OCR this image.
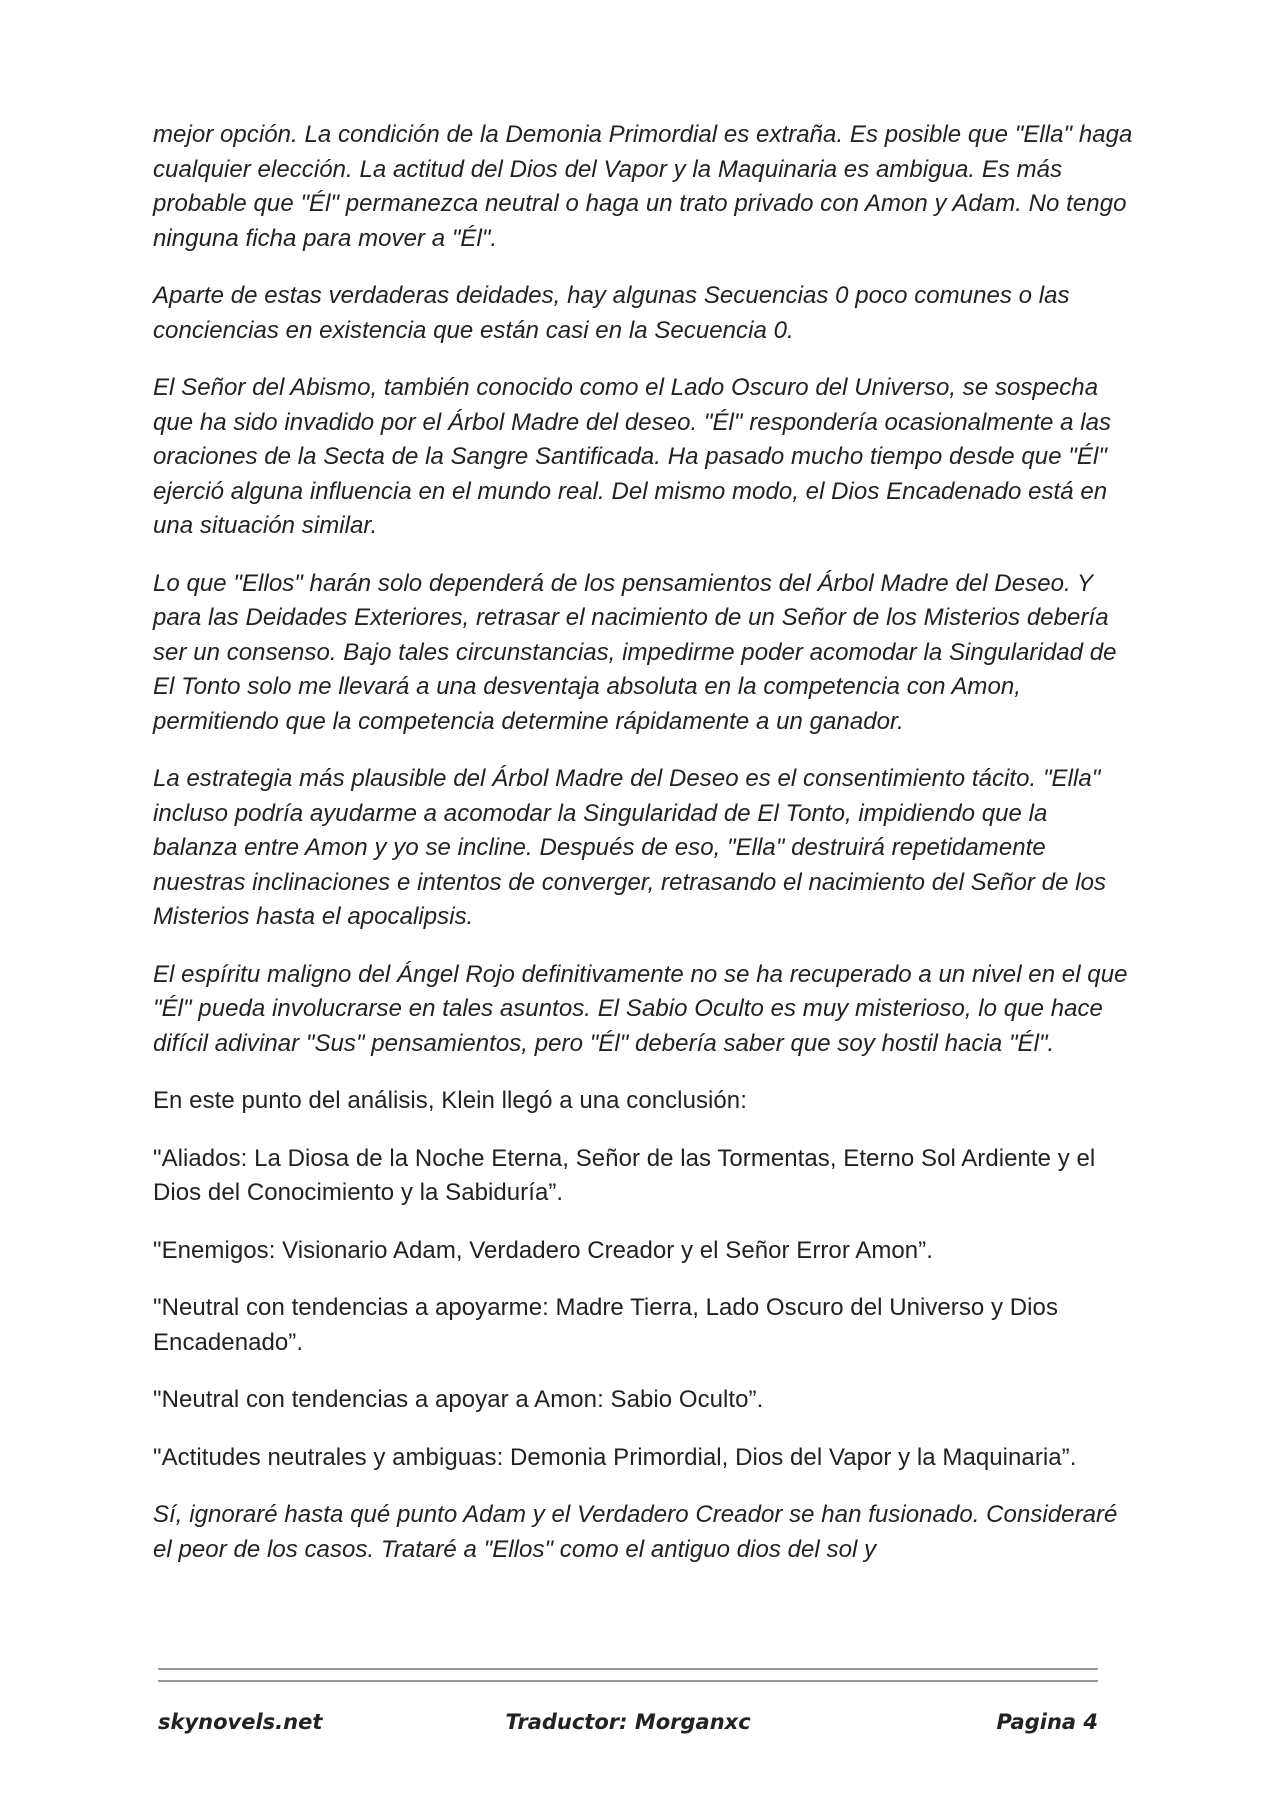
mejor opción. La condición de la Demonia Primordial es extraña. Es posible que "Ella" haga cualquier elección. La actitud del Dios del Vapor y la Maquinaria es ambigua. Es más probable que "Él" permanezca neutral o haga un trato privado con Amon y Adam. No tengo ninguna ficha para mover a "Él".

Aparte de estas verdaderas deidades, hay algunas Secuencias 0 poco comunes o las conciencias en existencia que están casi en la Secuencia 0.

El Señor del Abismo, también conocido como el Lado Oscuro del Universo, se sospecha que ha sido invadido por el Árbol Madre del deseo. "Él" respondería ocasionalmente a las oraciones de la Secta de la Sangre Santificada. Ha pasado mucho tiempo desde que "Él" ejerció alguna influencia en el mundo real. Del mismo modo, el Dios Encadenado está en una situación similar.

Lo que "Ellos" harán solo dependerá de los pensamientos del Árbol Madre del Deseo. Y para las Deidades Exteriores, retrasar el nacimiento de un Señor de los Misterios debería ser un consenso. Bajo tales circunstancias, impedirme poder acomodar la Singularidad de El Tonto solo me llevará a una desventaja absoluta en la competencia con Amon, permitiendo que la competencia determine rápidamente a un ganador.

La estrategia más plausible del Árbol Madre del Deseo es el consentimiento tácito. "Ella" incluso podría ayudarme a acomodar la Singularidad de El Tonto, impidiendo que la balanza entre Amon y yo se incline. Después de eso, "Ella" destruirá repetidamente nuestras inclinaciones e intentos de converger, retrasando el nacimiento del Señor de los Misterios hasta el apocalipsis.

El espíritu maligno del Ángel Rojo definitivamente no se ha recuperado a un nivel en el que "Él" pueda involucrarse en tales asuntos. El Sabio Oculto es muy misterioso, lo que hace difícil adivinar "Sus" pensamientos, pero "Él" debería saber que soy hostil hacia "Él".

En este punto del análisis, Klein llegó a una conclusión:

"Aliados: La Diosa de la Noche Eterna, Señor de las Tormentas, Eterno Sol Ardiente y el Dios del Conocimiento y la Sabiduría”.

"Enemigos: Visionario Adam, Verdadero Creador y el Señor Error Amon”.

"Neutral con tendencias a apoyarme: Madre Tierra, Lado Oscuro del Universo y Dios Encadenado”.

"Neutral con tendencias a apoyar a Amon: Sabio Oculto”.

"Actitudes neutrales y ambiguas: Demonia Primordial, Dios del Vapor y la Maquinaria”.

Sí, ignoraré hasta qué punto Adam y el Verdadero Creador se han fusionado. Consideraré el peor de los casos. Trataré a "Ellos" como el antiguo dios del sol y

skynovels.net	Traductor: Morganxc	Pagina 4
